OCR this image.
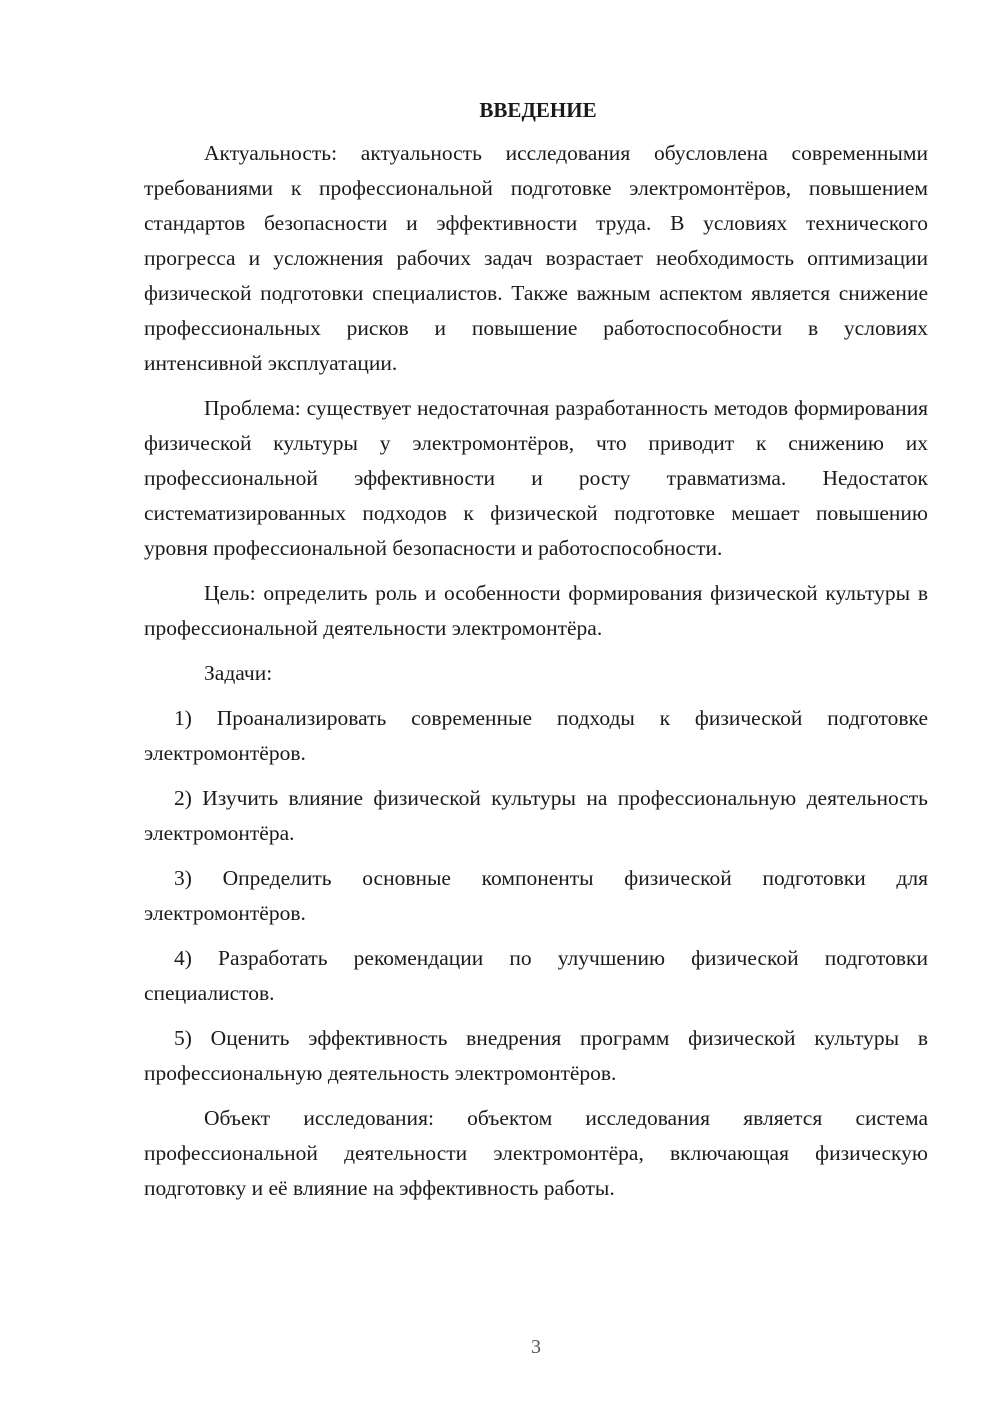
ВВЕДЕНИЕ

Актуальность: актуальность исследования обусловлена современными требованиями к профессиональной подготовке электромонтёров, повышением стандартов безопасности и эффективности труда. В условиях технического прогресса и усложнения рабочих задач возрастает необходимость оптимизации физической подготовки специалистов. Также важным аспектом является снижение профессиональных рисков и повышение работоспособности в условиях интенсивной эксплуатации.

Проблема: существует недостаточная разработанность методов формирования физической культуры у электромонтёров, что приводит к снижению их профессиональной эффективности и росту травматизма. Недостаток систематизированных подходов к физической подготовке мешает повышению уровня профессиональной безопасности и работоспособности.

Цель: определить роль и особенности формирования физической культуры в профессиональной деятельности электромонтёра.

Задачи:

1) Проанализировать современные подходы к физической подготовке электромонтёров.

2) Изучить влияние физической культуры на профессиональную деятельность электромонтёра.

3) Определить основные компоненты физической подготовки для электромонтёров.

4) Разработать рекомендации по улучшению физической подготовки специалистов.

5) Оценить эффективность внедрения программ физической культуры в профессиональную деятельность электромонтёров.

Объект исследования: объектом исследования является система профессиональной деятельности электромонтёра, включающая физическую подготовку и её влияние на эффективность работы.

3
